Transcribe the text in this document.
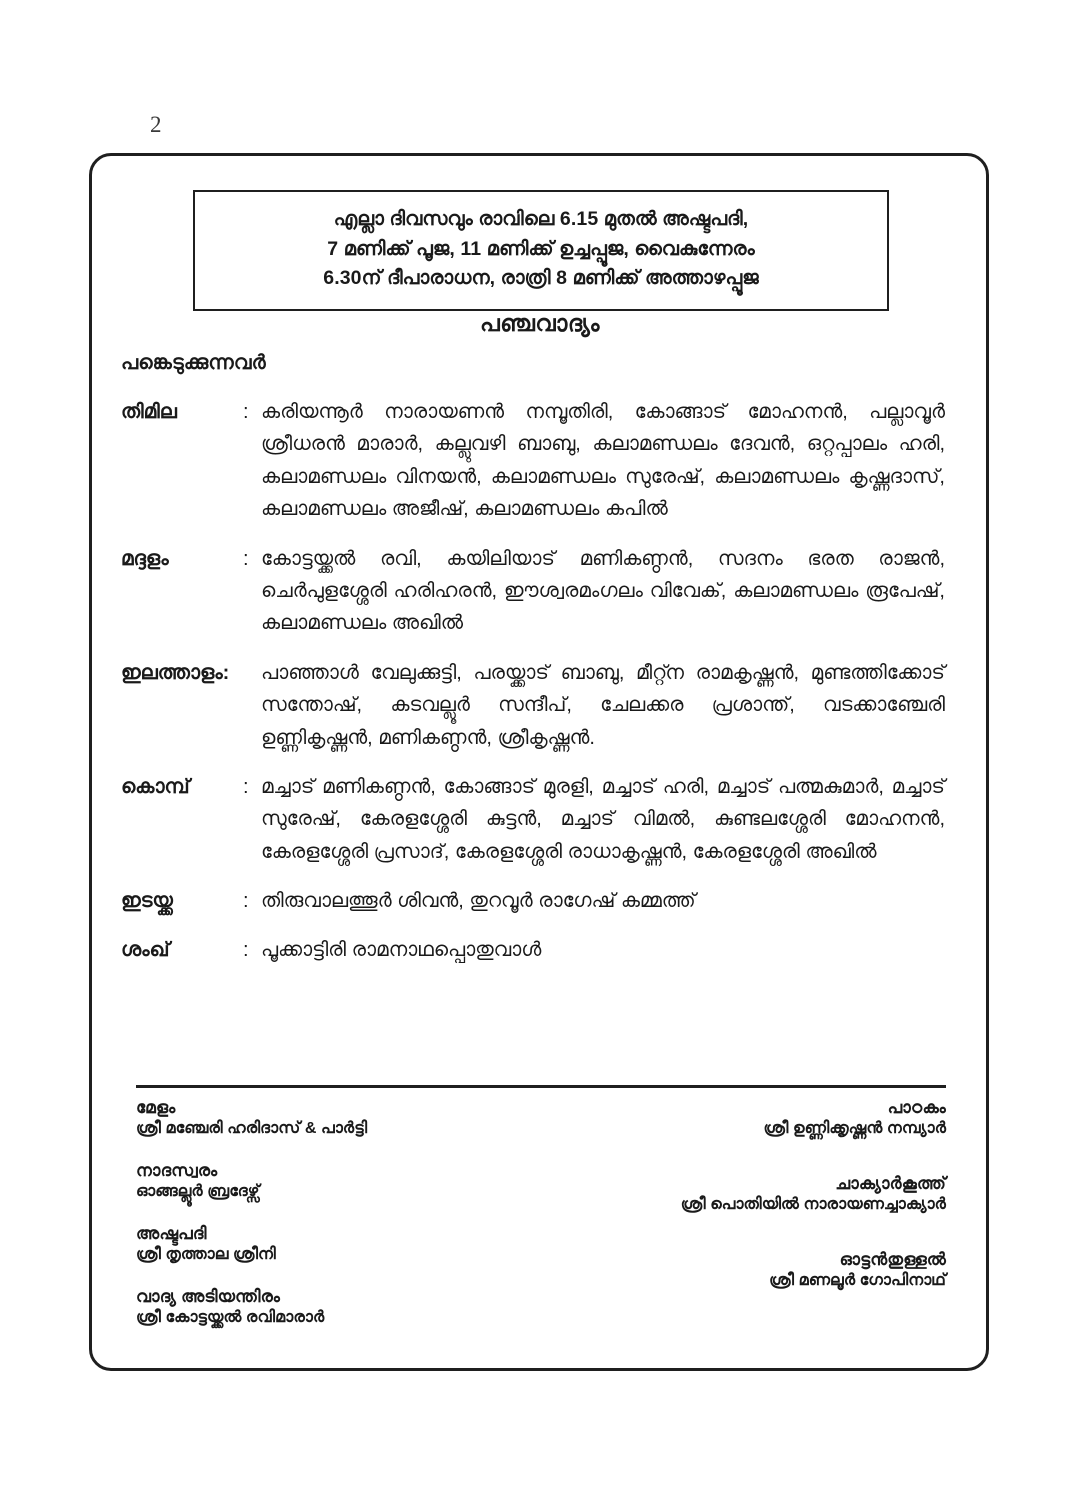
2
എല്ലാ ദിവസവും രാവിലെ 6.15 മുതൽ അഷ്ടപദി,
7 മണിക്ക് പൂജ, 11 മണിക്ക് ഉച്ചപ്പൂജ, വൈകുന്നേരം
6.30ന് ദീപാരാധന, രാത്രി 8 മണിക്ക് അത്താഴപ്പൂജ
പഞ്ചവാദ്യം
പങ്കെടുക്കുന്നവർ
തിമില	: കരിയന്നൂർ നാരായണൻ നമ്പൂതിരി, കോങ്ങാട് മോഹനൻ, പല്ലാവൂർ ശ്രീധരൻ മാരാർ, കല്ലുവഴി ബാബു, കലാമണ്ഡലം ദേവൻ, ഒറ്റപ്പാലം ഹരി, കലാമണ്ഡലം വിനയൻ, കലാമണ്ഡലം സുരേഷ്, കലാമണ്ഡലം കൃഷ്ണദാസ്, കലാമണ്ഡലം അജീഷ്, കലാമണ്ഡലം കപിൽ
മദ്ദളം	: കോട്ടയ്ക്കൽ രവി, കയിലിയാട് മണികണ്ഠൻ, സദനം ഭരത രാജൻ, ചെർപുളശ്ശേരി ഹരിഹരൻ, ഈശ്വരമംഗലം വിവേക്, കലാമണ്ഡലം രൂപേഷ്, കലാമണ്ഡലം അഖിൽ
ഇലത്താളം:	പാഞ്ഞാൾ വേലുക്കുട്ടി, പരയ്ക്കാട് ബാബു, മീറ്റ്ന രാമകൃഷ്ണൻ, മുണ്ടത്തിക്കോട് സന്തോഷ്, കടവല്ലൂർ സന്ദീപ്, ചേലക്കര പ്രശാന്ത്, വടക്കാഞ്ചേരി ഉണ്ണികൃഷ്ണൻ, മണികണ്ഠൻ, ശ്രീകൃഷ്ണൻ.
കൊമ്പ്	: മച്ചാട് മണികണ്ഠൻ, കോങ്ങാട് മുരളി, മച്ചാട് ഹരി, മച്ചാട് പത്മകുമാർ, മച്ചാട് സുരേഷ്, കേരളശ്ശേരി കുട്ടൻ, മച്ചാട് വിമൽ, കുണ്ടലശ്ശേരി മോഹനൻ, കേരളശ്ശേരി പ്രസാദ്, കേരളശ്ശേരി രാധാകൃഷ്ണൻ, കേരളശ്ശേരി അഖിൽ
ഇടയ്ക്ക	: തിരുവാലത്തൂർ ശിവൻ, തുറവൂർ രാഗേഷ് കമ്മത്ത്
ശംഖ്	: പൂക്കാട്ടിരി രാമനാഥപ്പൊതുവാൾ
മേളം
ശ്രീ മഞ്ചേരി ഹരിദാസ് & പാർട്ടി
നാദസ്വരം
ഓങ്ങല്ലൂർ ബ്രദേഴ്സ്
അഷ്ടപദി
ശ്രീ തൃത്താല ശ്രീനി
വാദ്യ അടിയന്തിരം
ശ്രീ കോട്ടയ്ക്കൽ രവിമാരാർ
പാഠകം
ശ്രീ ഉണ്ണിക്കൃഷ്ണൻ നമ്പ്യാർ
ചാക്യാർകൂത്ത്
ശ്രീ പൊതിയിൽ നാരായണച്ചാക്യാർ
ഓട്ടൻതുള്ളൽ
ശ്രീ മണലൂർ ഗോപിനാഥ്
